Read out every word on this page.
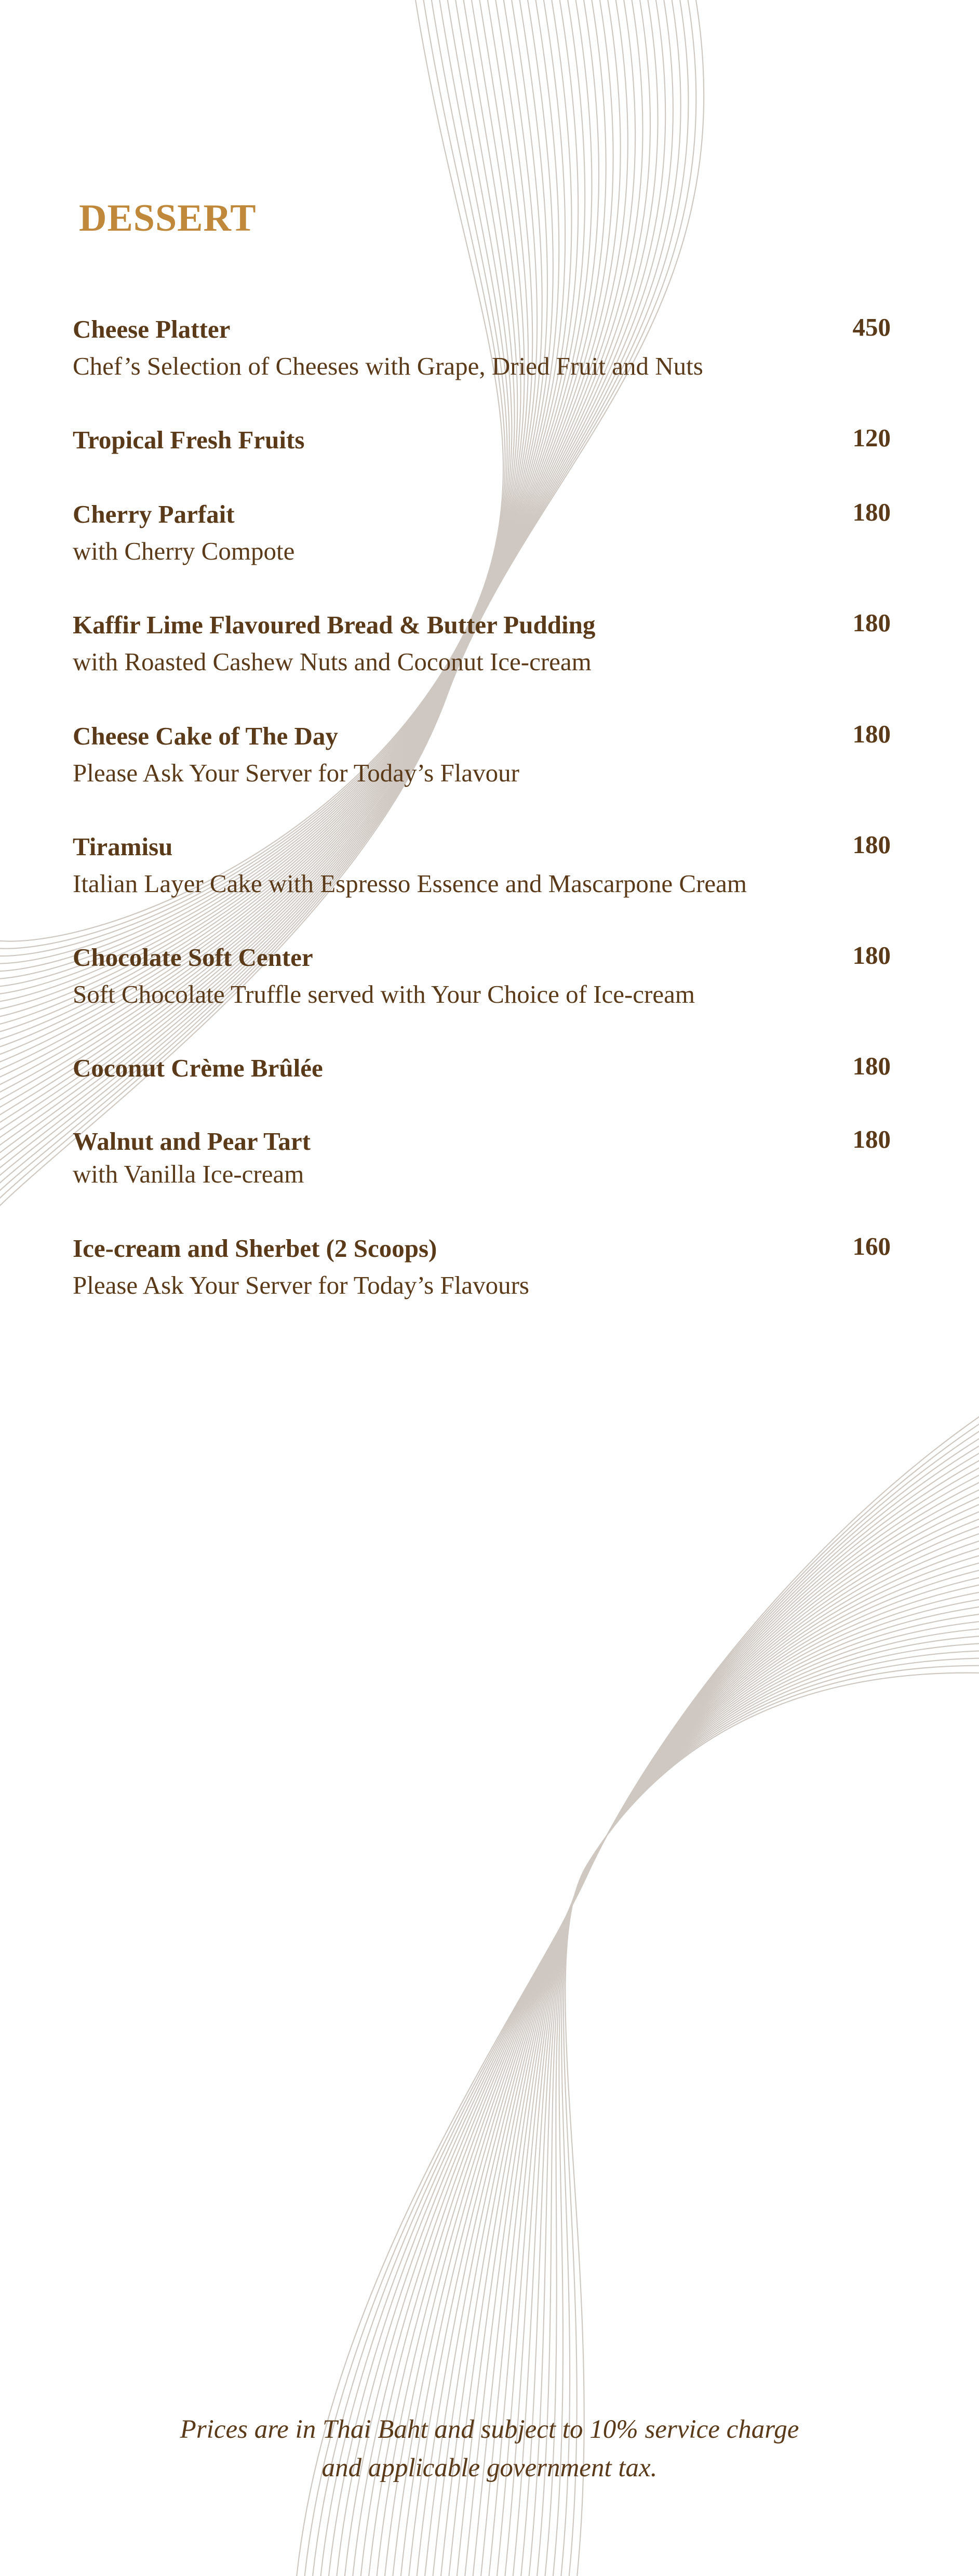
DESSERT
Cheese Platter
Chef’s Selection of Cheeses with Grape, Dried Fruit and Nuts
450
Tropical Fresh Fruits	120
Cherry Parfait
with Cherry Compote
180
Kaffir Lime Flavoured Bread & Butter Pudding
with Roasted Cashew Nuts and Coconut Ice-cream
180
Cheese Cake of The Day
Please Ask Your Server for Today’s Flavour
180
Tiramisu
Italian Layer Cake with Espresso Essence and Mascarpone Cream
180
Chocolate Soft Center
Soft Chocolate Truffle served with Your Choice of Ice-cream
180
Coconut Crème Brûlée	180
Walnut and Pear Tart
with Vanilla Ice-cream
180
Ice-cream and Sherbet (2 Scoops)
Please Ask Your Server for Today’s Flavours
160
Prices are in Thai Baht and subject to 10% service charge
and applicable government tax.
